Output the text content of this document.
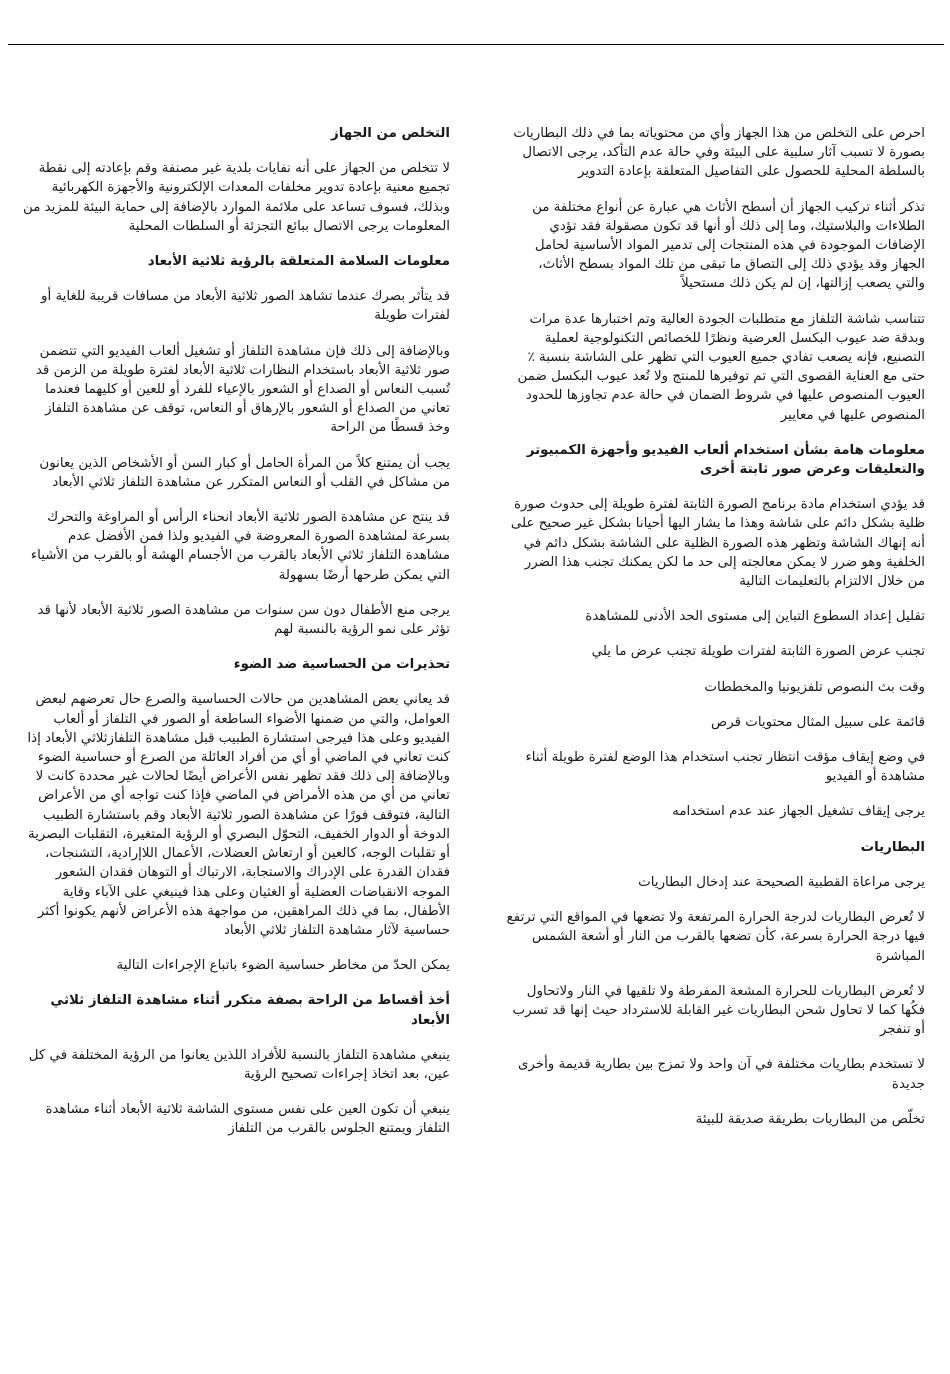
احرص على التخلص من هذا الجهاز وأي من محتوياته بما في ذلك البطاريات بصورة لا تسبب آثار سلبية على البيئة وفي حالة عدم التأكد، يرجى الاتصال بالسلطة المحلية للحصول على التفاصيل المتعلقة بإعادة التدوير

تذكر أثناء تركيب الجهاز أن أسطح الأثاث هي عبارة عن أنواع مختلفة من الطلاءات والبلاستيك، وما إلى ذلك أو أنها قد تكون مصقولة فقد تؤدي الإضافات الموجودة في هذه المنتجات إلى تدمير المواد الأساسية لحامل الجهاز وقد يؤدي ذلك إلى التصاق ما تبقى من تلك المواد بسطح الأثاث، والتي يصعب إزالتها، إن لم يكن ذلك مستحيلاً

تتناسب شاشة التلفاز مع متطلبات الجودة العالية وتم اختبارها عدة مرات وبدقة ضد عيوب البكسل العرضية ونظرًا للخصائص التكنولوجية لعملية التصنيع، فإنه يصعب تفادي جميع العيوب التي تظهر على الشاشة بنسبة ٪ حتى مع العناية القصوى التي تم توفيرها للمنتج ولا تُعد عيوب البكسل ضمن العيوب المنصوص عليها في شروط الضمان في حالة عدم تجاوزها للحدود المنصوص عليها في معايير

معلومات هامة بشأن استخدام ألعاب الفيديو وأجهزة الكمبيوتر والتعليقات وعرض صور ثابتة أخرى

قد يؤدي استخدام مادة برنامج الصورة الثابتة لفترة طويلة إلى حدوث صورة ظلية بشكل دائم على شاشة وهذا ما يشار اليها أحيانا بشكل غير صحيح على أنه إنهاك الشاشة وتظهر هذه الصورة الظلية على الشاشة بشكل دائم في الخلفية وهو ضرر لا يمكن معالجته إلى حد ما لكن يمكنك تجنب هذا الضرر من خلال الالتزام بالتعليمات التالية

تقليل إعداد السطوع التباين إلى مستوى الحد الأدنى للمشاهدة

تجنب عرض الصورة الثابتة لفترات طويلة تجنب عرض ما يلي

وقت بث النصوص تلفزيونيا والمخططات

قائمة على سبيل المثال محتويات قرص

في وضع إيقاف مؤقت انتظار تجنب استخدام هذا الوضع لفترة طويلة أثناء مشاهدة أو الفيديو

يرجى إيقاف تشغيل الجهاز عند عدم استخدامه

البطاريات

يرجى مراعاة القطبية الصحيحة عند إدخال البطاريات

لا تُعرض البطاريات لدرجة الحرارة المرتفعة ولا تضعها في المواقع التي ترتفع فيها درجة الحرارة بسرعة، كأن تضعها بالقرب من النار أو أشعة الشمس المباشرة

لا تُعرض البطاريات للحرارة المشعة المفرطة ولا تلقيها في النار ولاتحاول فكُها كما لا تحاول شحن البطاريات غير القابلة للاسترداد حيث إنها قد تسرب أو تنفجر

لا تستخدم بطاريات مختلفة في آن واحد ولا تمزج بين بطارية قديمة وأخرى جديدة

تخلّص من البطاريات بطريقة صديقة للبيئة

التخلص من الجهاز

لا تتخلص من الجهاز على أنه نفايات بلدية غير مصنفة وقم بإعادته إلى نقطة تجميع معنية بإعادة تدوير مخلفات المعدات الإلكترونية والأجهزة الكهربائية وبذلك، فسوف تساعد على ملائمة الموارد بالإضافة إلى حماية البيئة للمزيد من المعلومات يرجى الاتصال ببائع التجزئة أو السلطات المحلية

معلومات السلامة المتعلقة بالرؤية ثلاثية الأبعاد

قد يتأثر بصرك عندما تشاهد الصور ثلاثية الأبعاد من مسافات قريبة للغاية أو لفترات طويلة

وبالإضافة إلى ذلك فإن مشاهدة التلفاز أو تشغيل ألعاب الفيديو التي تتضمن صور ثلاثية الأبعاد باستخدام النظارات ثلاثية الأبعاد لفترة طويلة من الزمن قد تُسبب النعاس أو الصداع أو الشعور بالإعياء للفرد أو للعين أو كليهما فعندما تعاني من الصداع أو الشعور بالإرهاق أو النعاس، توقف عن مشاهدة التلفاز وخذ قسطًا من الراحة

يجب أن يمتنع كلاً من المرأة الحامل أو كبار السن أو الأشخاص الذين يعانون من مشاكل في القلب أو النعاس المتكرر عن مشاهدة التلفاز ثلاثي الأبعاد

قد ينتج عن مشاهدة الصور ثلاثية الأبعاد انحناء الرأس أو المراوغة والتحرك بسرعة لمشاهدة الصورة المعروضة في الفيديو ولذا فمن الأفضل عدم مشاهدة التلفاز ثلاثي الأبعاد بالقرب من الأجسام الهشة أو بالقرب من الأشياء التي يمكن طرحها أرضًا بسهولة

يرجى منع الأطفال دون سن سنوات من مشاهدة الصور ثلاثية الأبعاد لأنها قد تؤثر على نمو الرؤية بالنسبة لهم

تحذيرات من الحساسية ضد الضوء

قد يعاني بعض المشاهدين من حالات الحساسية والصرع حال تعرضهم لبعض العوامل، والتي من ضمنها الأضواء الساطعة أو الصور في التلفاز أو ألعاب الفيديو وعلى هذا فيرجى استشارة الطبيب قبل مشاهدة التلفازثلاثي الأبعاد إذا كنت تعاني في الماضي أو أي من أفراد العائلة من الصرع أو حساسية الضوء وبالإضافة إلى ذلك فقد تظهر نفس الأعراض أيضًا لحالات غير محددة كانت لا تعاني من أي من هذه الأمراض في الماضي فإذا كنت تواجه أي من الأعراض التالية، فتوقف فورًا عن مشاهدة الصور ثلاثية الأبعاد وقم باستشارة الطبيب الدوخة أو الدوار الخفيف، التحوّل البصري أو الرؤية المتغيرة، التقلبات البصرية أو تقلبات الوجه، كالعين أو ارتعاش العضلات، الأعمال اللاإرادية، التشنجات، فقدان القدرة على الإدراك والاستجابة، الارتباك أو التوهان فقدان الشعور الموجه الانقباضات العضلية أو الغثيان وعلى هذا فينبغي على الآباء وقاية الأطفال، بما في ذلك المراهقين، من مواجهة هذه الأعراض لأنهم يكونوا أكثر حساسية لآثار مشاهدة التلفاز ثلاثي الأبعاد

يمكن الحدّ من مخاطر حساسية الضوء باتباع الإجراءات التالية

أخذ أقساط من الراحة بصفة متكرر أثناء مشاهدة التلفاز ثلاثي الأبعاد

ينبغي مشاهدة التلفاز بالنسبة للأفراد اللذين يعانوا من الرؤية المختلفة في كل عين، بعد اتخاذ إجراءات تصحيح الرؤية

ينبغي أن تكون العين على نفس مستوى الشاشة ثلاثية الأبعاد أثناء مشاهدة التلفاز ويمتنع الجلوس بالقرب من التلفاز
